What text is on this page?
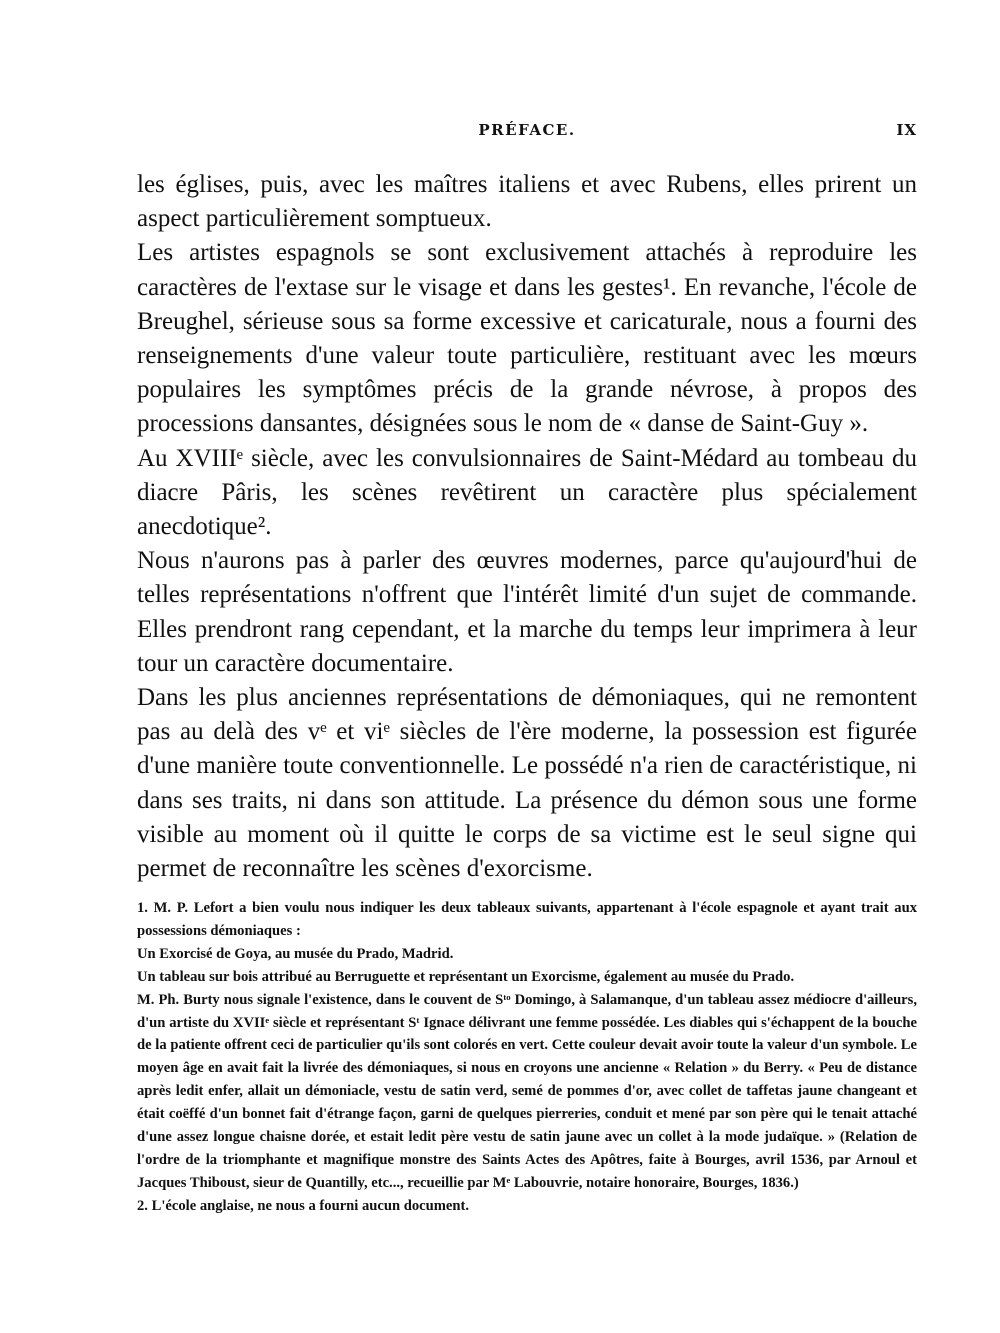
PRÉFACE.	IX

les églises, puis, avec les maîtres italiens et avec Rubens, elles prirent un aspect particulièrement somptueux.

Les artistes espagnols se sont exclusivement attachés à reproduire les caractères de l'extase sur le visage et dans les gestes¹. En revanche, l'école de Breughel, sérieuse sous sa forme excessive et caricaturale, nous a fourni des renseignements d'une valeur toute particulière, restituant avec les mœurs populaires les symptômes précis de la grande névrose, à propos des processions dansantes, désignées sous le nom de « danse de Saint-Guy ».

Au XVIIIᵉ siècle, avec les convulsionnaires de Saint-Médard au tombeau du diacre Pâris, les scènes revêtirent un caractère plus spécialement anecdotique².

Nous n'aurons pas à parler des œuvres modernes, parce qu'aujourd'hui de telles représentations n'offrent que l'intérêt limité d'un sujet de commande. Elles prendront rang cependant, et la marche du temps leur imprimera à leur tour un caractère documentaire.

Dans les plus anciennes représentations de démoniaques, qui ne remontent pas au delà des vᵉ et viᵉ siècles de l'ère moderne, la possession est figurée d'une manière toute conventionnelle. Le possédé n'a rien de caractéristique, ni dans ses traits, ni dans son attitude. La présence du démon sous une forme visible au moment où il quitte le corps de sa victime est le seul signe qui permet de reconnaître les scènes d'exorcisme.

1. M. P. Lefort a bien voulu nous indiquer les deux tableaux suivants, appartenant à l'école espagnole et ayant trait aux possessions démoniaques :

Un Exorcisé de Goya, au musée du Prado, Madrid.

Un tableau sur bois attribué au Berruguette et représentant un Exorcisme, également au musée du Prado.

M. Ph. Burty nous signale l'existence, dans le couvent de Sᵗᵒ Domingo, à Salamanque, d'un tableau assez médiocre d'ailleurs, d'un artiste du XVIIᵉ siècle et représentant Sᵗ Ignace délivrant une femme possédée. Les diables qui s'échappent de la bouche de la patiente offrent ceci de particulier qu'ils sont colorés en vert. Cette couleur devait avoir toute la valeur d'un symbole. Le moyen âge en avait fait la livrée des démoniaques, si nous en croyons une ancienne « Relation » du Berry. « Peu de distance après ledit enfer, allait un démoniacle, vestu de satin verd, semé de pommes d'or, avec collet de taffetas jaune changeant et était coëffé d'un bonnet fait d'étrange façon, garni de quelques pierreries, conduit et mené par son père qui le tenait attaché d'une assez longue chaisne dorée, et estait ledit père vestu de satin jaune avec un collet à la mode judaïque. » (Relation de l'ordre de la triomphante et magnifique monstre des Saints Actes des Apôtres, faite à Bourges, avril 1536, par Arnoul et Jacques Thiboust, sieur de Quantilly, etc..., recueillie par Mᵉ Labouvrie, notaire honoraire, Bourges, 1836.)

2. L'école anglaise, ne nous a fourni aucun document.
